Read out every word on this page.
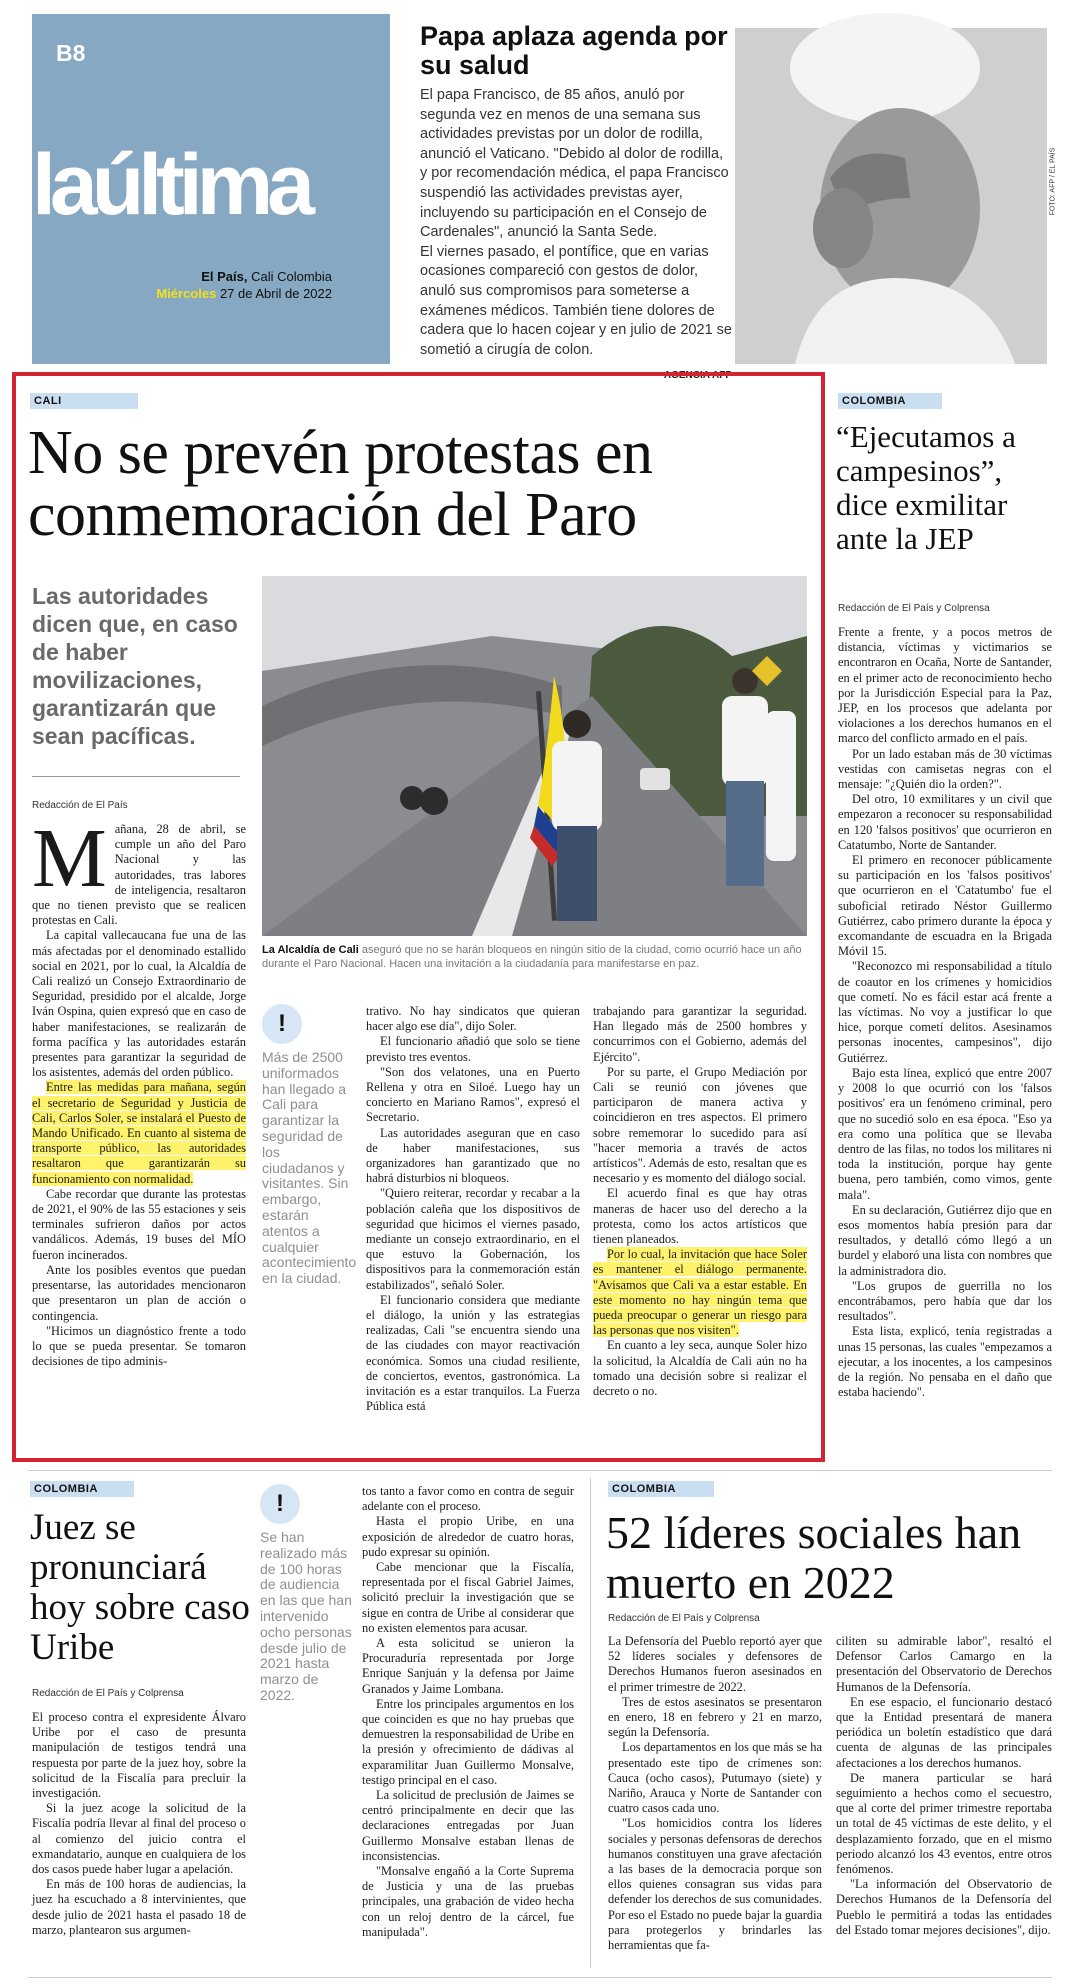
B8
laúltima
El País, Cali Colombia
Miércoles 27 de Abril de 2022
Papa aplaza agenda por su salud

El papa Francisco, de 85 años, anuló por segunda vez en menos de una semana sus actividades previstas por un dolor de rodilla, anunció el Vaticano. "Debido al dolor de rodilla, y por recomendación médica, el papa Francisco suspendió las actividades previstas ayer, incluyendo su participación en el Consejo de Cardenales", anunció la Santa Sede.

El viernes pasado, el pontífice, que en varias ocasiones compareció con gestos de dolor, anuló sus compromisos para someterse a exámenes médicos. También tiene dolores de cadera que lo hacen cojear y en julio de 2021 se sometió a cirugía de colon.

-AGENCIA AFP
FOTO: AFP / EL PAÍS
CALI
No se prevén protestas en conmemoración del Paro
Las autoridades dicen que, en caso de haber movilizaciones, garantizarán que sean pacíficas.
Redacción de El País
La Alcaldía de Cali aseguró que no se harán bloqueos en ningún sitio de la ciudad, como ocurrió hace un año durante el Paro Nacional. Hacen una invitación a la ciudadanía para manifestarse en paz.

Mañana, 28 de abril, se cumple un año del Paro Nacional y las autoridades, tras labores de inteligencia, resaltaron que no tienen previsto que se realicen protestas en Cali.

La capital vallecaucana fue una de las más afectadas por el denominado estallido social en 2021, por lo cual, la Alcaldía de Cali realizó un Consejo Extraordinario de Seguridad, presidido por el alcalde, Jorge Iván Ospina, quien expresó que en caso de haber manifestaciones, se realizarán de forma pacífica y las autoridades estarán presentes para garantizar la seguridad de los asistentes, además del orden público.

Entre las medidas para mañana, según el secretario de Seguridad y Justicia de Cali, Carlos Soler, se instalará el Puesto de Mando Unificado. En cuanto al sistema de transporte público, las autoridades resaltaron que garantizarán su funcionamiento con normalidad.

Cabe recordar que durante las protestas de 2021, el 90% de las 55 estaciones y seis terminales sufrieron daños por actos vandálicos. Además, 19 buses del MÍO fueron incinerados.

Ante los posibles eventos que puedan presentarse, las autoridades mencionaron que presentaron un plan de acción o contingencia.

"Hicimos un diagnóstico frente a todo lo que se pueda presentar. Se tomaron decisiones de tipo adminis-

!
Más de 2500 uniformados han llegado a Cali para garantizar la seguridad de los ciudadanos y visitantes. Sin embargo, estarán atentos a cualquier acontecimiento en la ciudad.

trativo. No hay sindicatos que quieran hacer algo ese día", dijo Soler.

El funcionario añadió que solo se tiene previsto tres eventos.

"Son dos velatones, una en Puerto Rellena y otra en Siloé. Luego hay un concierto en Mariano Ramos", expresó el Secretario.

Las autoridades aseguran que en caso de haber manifestaciones, sus organizadores han garantizado que no habrá disturbios ni bloqueos.

"Quiero reiterar, recordar y recabar a la población caleña que los dispositivos de seguridad que hicimos el viernes pasado, mediante un consejo extraordinario, en el que estuvo la Gobernación, los dispositivos para la conmemoración están estabilizados", señaló Soler.

El funcionario considera que mediante el diálogo, la unión y las estrategias realizadas, Cali "se encuentra siendo una de las ciudades con mayor reactivación económica. Somos una ciudad resiliente, de conciertos, eventos, gastronómica. La invitación es a estar tranquilos. La Fuerza Pública está

trabajando para garantizar la seguridad. Han llegado más de 2500 hombres y concurrimos con el Gobierno, además del Ejército".

Por su parte, el Grupo Mediación por Cali se reunió con jóvenes que participaron de manera activa y coincidieron en tres aspectos. El primero sobre rememorar lo sucedido para así "hacer memoria a través de actos artísticos". Además de esto, resaltan que es necesario y es momento del diálogo social.

El acuerdo final es que hay otras maneras de hacer uso del derecho a la protesta, como los actos artísticos que tienen planeados.

Por lo cual, la invitación que hace Soler es mantener el diálogo permanente. "Avisamos que Cali va a estar estable. En este momento no hay ningún tema que pueda preocupar o generar un riesgo para las personas que nos visiten".

En cuanto a ley seca, aunque Soler hizo la solicitud, la Alcaldía de Cali aún no ha tomado una decisión sobre si realizar el decreto o no.

COLOMBIA
“Ejecutamos a campesinos”, dice exmilitar ante la JEP
Redacción de El País y Colprensa

Frente a frente, y a pocos metros de distancia, víctimas y victimarios se encontraron en Ocaña, Norte de Santander, en el primer acto de reconocimiento hecho por la Jurisdicción Especial para la Paz, JEP, en los procesos que adelanta por violaciones a los derechos humanos en el marco del conflicto armado en el país.

Por un lado estaban más de 30 víctimas vestidas con camisetas negras con el mensaje: "¿Quién dio la orden?".

Del otro, 10 exmilitares y un civil que empezaron a reconocer su responsabilidad en 120 'falsos positivos' que ocurrieron en Catatumbo, Norte de Santander.

El primero en reconocer públicamente su participación en los 'falsos positivos' que ocurrieron en el 'Catatumbo' fue el suboficial retirado Néstor Guillermo Gutiérrez, cabo primero durante la época y excomandante de escuadra en la Brigada Móvil 15.

"Reconozco mi responsabilidad a título de coautor en los crímenes y homicidios que cometí. No es fácil estar acá frente a las víctimas. No voy a justificar lo que hice, porque cometí delitos. Asesinamos personas inocentes, campesinos", dijo Gutiérrez.

Bajo esta línea, explicó que entre 2007 y 2008 lo que ocurrió con los 'falsos positivos' era un fenómeno criminal, pero que no sucedió solo en esa época. "Eso ya era como una política que se llevaba dentro de las filas, no todos los militares ni toda la institución, porque hay gente buena, pero también, como vimos, gente mala".

En su declaración, Gutiérrez dijo que en esos momentos había presión para dar resultados, y detalló cómo llegó a un burdel y elaboró una lista con nombres que la administradora dio.

"Los grupos de guerrilla no los encontrábamos, pero había que dar los resultados".

Esta lista, explicó, tenía registradas a unas 15 personas, las cuales "empezamos a ejecutar, a los inocentes, a los campesinos de la región. No pensaba en el daño que estaba haciendo".

COLOMBIA
Juez se pronunciará hoy sobre caso Uribe
Redacción de El País y Colprensa

El proceso contra el expresidente Álvaro Uribe por el caso de presunta manipulación de testigos tendrá una respuesta por parte de la juez hoy, sobre la solicitud de la Fiscalía para precluir la investigación.

Si la juez acoge la solicitud de la Fiscalía podría llevar al final del proceso o al comienzo del juicio contra el exmandatario, aunque en cualquiera de los dos casos puede haber lugar a apelación.

En más de 100 horas de audiencias, la juez ha escuchado a 8 intervinientes, que desde julio de 2021 hasta el pasado 18 de marzo, plantearon sus argumen-

!
Se han realizado más de 100 horas de audiencia en las que han intervenido ocho personas desde julio de 2021 hasta marzo de 2022.

tos tanto a favor como en contra de seguir adelante con el proceso.

Hasta el propio Uribe, en una exposición de alrededor de cuatro horas, pudo expresar su opinión.

Cabe mencionar que la Fiscalía, representada por el fiscal Gabriel Jaimes, solicitó precluir la investigación que se sigue en contra de Uribe al considerar que no existen elementos para acusar.

A esta solicitud se unieron la Procuraduría representada por Jorge Enrique Sanjuán y la defensa por Jaime Granados y Jaime Lombana.

Entre los principales argumentos en los que coinciden es que no hay pruebas que demuestren la responsabilidad de Uribe en la presión y ofrecimiento de dádivas al exparamilitar Juan Guillermo Monsalve, testigo principal en el caso.

La solicitud de preclusión de Jaimes se centró principalmente en decir que las declaraciones entregadas por Juan Guillermo Monsalve estaban llenas de inconsistencias.

"Monsalve engañó a la Corte Suprema de Justicia y una de las pruebas principales, una grabación de video hecha con un reloj dentro de la cárcel, fue manipulada".

COLOMBIA
52 líderes sociales han muerto en 2022
Redacción de El País y Colprensa

La Defensoría del Pueblo reportó ayer que 52 líderes sociales y defensores de Derechos Humanos fueron asesinados en el primer trimestre de 2022.

Tres de estos asesinatos se presentaron en enero, 18 en febrero y 21 en marzo, según la Defensoría.

Los departamentos en los que más se ha presentado este tipo de crímenes son: Cauca (ocho casos), Putumayo (siete) y Nariño, Arauca y Norte de Santander con cuatro casos cada uno.

"Los homicidios contra los líderes sociales y personas defensoras de derechos humanos constituyen una grave afectación a las bases de la democracia porque son ellos quienes consagran sus vidas para defender los derechos de sus comunidades. Por eso el Estado no puede bajar la guardia para protegerlos y brindarles las herramientas que fa-

ciliten su admirable labor", resaltó el Defensor Carlos Camargo en la presentación del Observatorio de Derechos Humanos de la Defensoría.

En ese espacio, el funcionario destacó que la Entidad presentará de manera periódica un boletín estadístico que dará cuenta de algunas de las principales afectaciones a los derechos humanos.

De manera particular se hará seguimiento a hechos como el secuestro, que al corte del primer trimestre reportaba un total de 45 víctimas de este delito, y el desplazamiento forzado, que en el mismo periodo alcanzó los 43 eventos, entre otros fenómenos.

"La información del Observatorio de Derechos Humanos de la Defensoría del Pueblo le permitirá a todas las entidades del Estado tomar mejores decisiones", dijo.
